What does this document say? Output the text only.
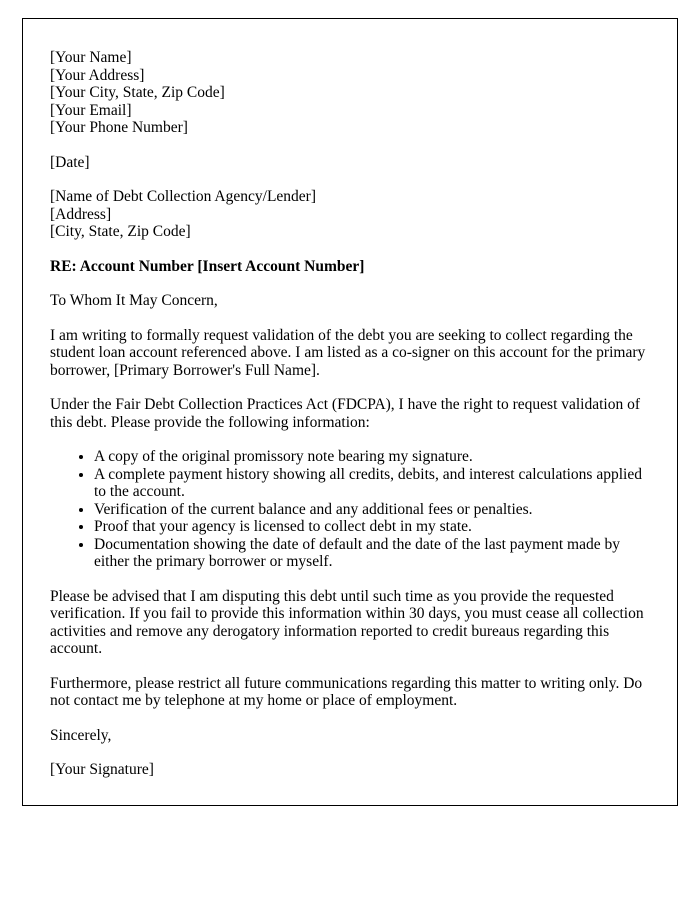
[Your Name]
[Your Address]
[Your City, State, Zip Code]
[Your Email]
[Your Phone Number]
[Date]
[Name of Debt Collection Agency/Lender]
[Address]
[City, State, Zip Code]
RE: Account Number [Insert Account Number]
To Whom It May Concern,

I am writing to formally request validation of the debt you are seeking to collect regarding the student loan account referenced above. I am listed as a co-signer on this account for the primary borrower, [Primary Borrower's Full Name].

Under the Fair Debt Collection Practices Act (FDCPA), I have the right to request validation of this debt. Please provide the following information:

• A copy of the original promissory note bearing my signature.
• A complete payment history showing all credits, debits, and interest calculations applied to the account.
• Verification of the current balance and any additional fees or penalties.
• Proof that your agency is licensed to collect debt in my state.
• Documentation showing the date of default and the date of the last payment made by either the primary borrower or myself.

Please be advised that I am disputing this debt until such time as you provide the requested verification. If you fail to provide this information within 30 days, you must cease all collection activities and remove any derogatory information reported to credit bureaus regarding this account.

Furthermore, please restrict all future communications regarding this matter to writing only. Do not contact me by telephone at my home or place of employment.

Sincerely,
[Your Signature]
